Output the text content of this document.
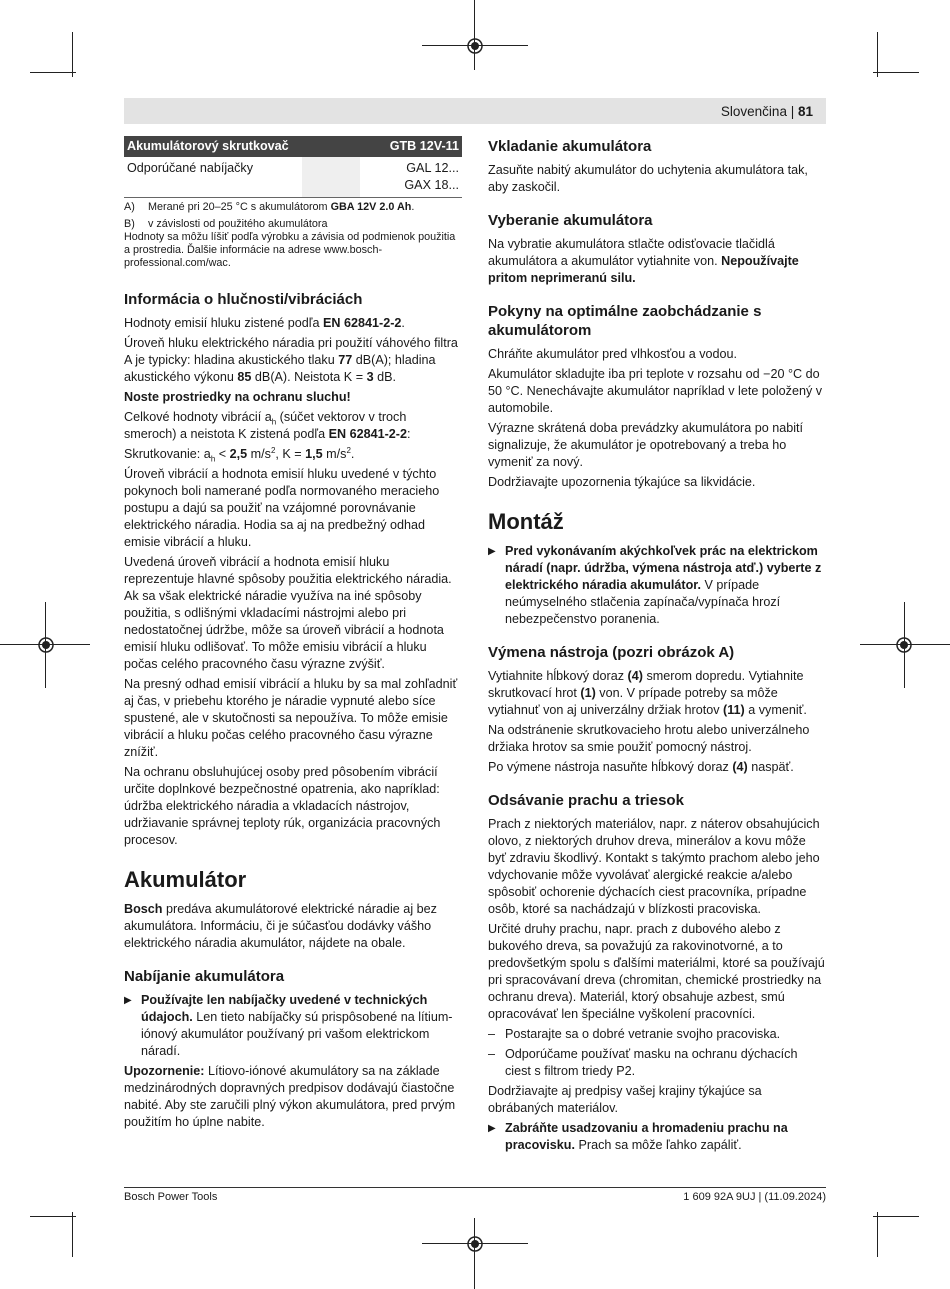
Slovenčina | 81
Akumulátorový skrutkovač		GTB 12V-11
Odporúčané nabíjačky		GAL 12...
GAX 18...

A) Merané pri 20–25 °C s akumulátorom GBA 12V 2.0 Ah.

B) v závislosti od použitého akumulátora

Hodnoty sa môžu líšiť podľa výrobku a závisia od podmienok použitia a prostredia. Ďalšie informácie na adrese www.bosch-professional.com/wac.

Informácia o hlučnosti/vibráciách

Hodnoty emisií hluku zistené podľa EN 62841-2-2.

Úroveň hluku elektrického náradia pri použití váhového filtra A je typicky: hladina akustického tlaku 77 dB(A); hladina akustického výkonu 85 dB(A). Neistota K = 3 dB.

Noste prostriedky na ochranu sluchu!

Celkové hodnoty vibrácií $a_h$ (súčet vektorov v troch smeroch) a neistota K zistená podľa EN 62841-2-2:

Skrutkovanie: $a_h < 2,5$ $m/s^2$, K = 1,5 $m/s^2$.

Úroveň vibrácií a hodnota emisií hluku uvedené v týchto pokynoch boli namerané podľa normovaného meracieho postupu a dajú sa použiť na vzájomné porovnávanie elektrického náradia. Hodia sa aj na predbežný odhad emisie vibrácií a hluku.

Uvedená úroveň vibrácií a hodnota emisií hluku reprezentuje hlavné spôsoby použitia elektrického náradia. Ak sa však elektrické náradie využíva na iné spôsoby použitia, s odlišnými vkladacími nástrojmi alebo pri nedostatočnej údržbe, môže sa úroveň vibrácií a hodnota emisií hluku odlišovať. To môže emisiu vibrácií a hluku počas celého pracovného času výrazne zvýšiť.

Na presný odhad emisií vibrácií a hluku by sa mal zohľadniť aj čas, v priebehu ktorého je náradie vypnuté alebo síce spustené, ale v skutočnosti sa nepoužíva. To môže emisie vibrácií a hluku počas celého pracovného času výrazne znížiť.

Na ochranu obsluhujúcej osoby pred pôsobením vibrácií určite doplnkové bezpečnostné opatrenia, ako napríklad: údržba elektrického náradia a vkladacích nástrojov, udržiavanie správnej teploty rúk, organizácia pracovných procesov.

Akumulátor

Bosch predáva akumulátorové elektrické náradie aj bez akumulátora. Informáciu, či je súčasťou dodávky vášho elektrického náradia akumulátor, nájdete na obale.

Nabíjanie akumulátora

▶ Používajte len nabíjačky uvedené v technických údajoch. Len tieto nabíjačky sú prispôsobené na lítium-iónový akumulátor používaný pri vašom elektrickom náradí.

Upozornenie: Lítiovo-iónové akumulátory sa na základe medzinárodných dopravných predpisov dodávajú čiastočne nabité. Aby ste zaručili plný výkon akumulátora, pred prvým použitím ho úplne nabite.

Vkladanie akumulátora

Zasuňte nabitý akumulátor do uchytenia akumulátora tak, aby zaskočil.

Vyberanie akumulátora

Na vybratie akumulátora stlačte odisťovacie tlačidlá akumulátora a akumulátor vytiahnite von. Nepoužívajte pritom neprimeranú silu.

Pokyny na optimálne zaobchádzanie s akumulátorom

Chráňte akumulátor pred vlhkosťou a vodou.

Akumulátor skladujte iba pri teplote v rozsahu od −20 °C do 50 °C. Nenechávajte akumulátor napríklad v lete položený v automobile.

Výrazne skrátená doba prevádzky akumulátora po nabití signalizuje, že akumulátor je opotrebovaný a treba ho vymeniť za nový.

Dodržiavajte upozornenia týkajúce sa likvidácie.

Montáž

▶ Pred vykonávaním akýchkoľvek prác na elektrickom náradí (napr. údržba, výmena nástroja atď.) vyberte z elektrického náradia akumulátor. V prípade neúmyselného stlačenia zapínača/vypínača hrozí nebezpečenstvo poranenia.

Výmena nástroja (pozri obrázok A)

Vytiahnite hĺbkový doraz (4) smerom dopredu. Vytiahnite skrutkovací hrot (1) von. V prípade potreby sa môže vytiahnuť von aj univerzálny držiak hrotov (11) a vymeniť.

Na odstránenie skrutkovacieho hrotu alebo univerzálneho držiaka hrotov sa smie použiť pomocný nástroj.

Po výmene nástroja nasuňte hĺbkový doraz (4) naspäť.

Odsávanie prachu a triesok

Prach z niektorých materiálov, napr. z náterov obsahujúcich olovo, z niektorých druhov dreva, minerálov a kovu môže byť zdraviu škodlivý. Kontakt s takýmto prachom alebo jeho vdychovanie môže vyvolávať alergické reakcie a/alebo spôsobiť ochorenie dýchacích ciest pracovníka, prípadne osôb, ktoré sa nachádzajú v blízkosti pracoviska.

Určité druhy prachu, napr. prach z dubového alebo z bukového dreva, sa považujú za rakovinotvorné, a to predovšetkým spolu s ďalšími materiálmi, ktoré sa používajú pri spracovávaní dreva (chromitan, chemické prostriedky na ochranu dreva). Materiál, ktorý obsahuje azbest, smú opracovávať len špeciálne vyškolení pracovníci.

– Postarajte sa o dobré vetranie svojho pracoviska.

– Odporúčame používať masku na ochranu dýchacích ciest s filtrom triedy P2.

Dodržiavajte aj predpisy vašej krajiny týkajúce sa obrábaných materiálov.

▶ Zabráňte usadzovaniu a hromadeniu prachu na pracovisku. Prach sa môže ľahko zapáliť.

Bosch Power Tools	1 609 92A 9UJ | (11.09.2024)
